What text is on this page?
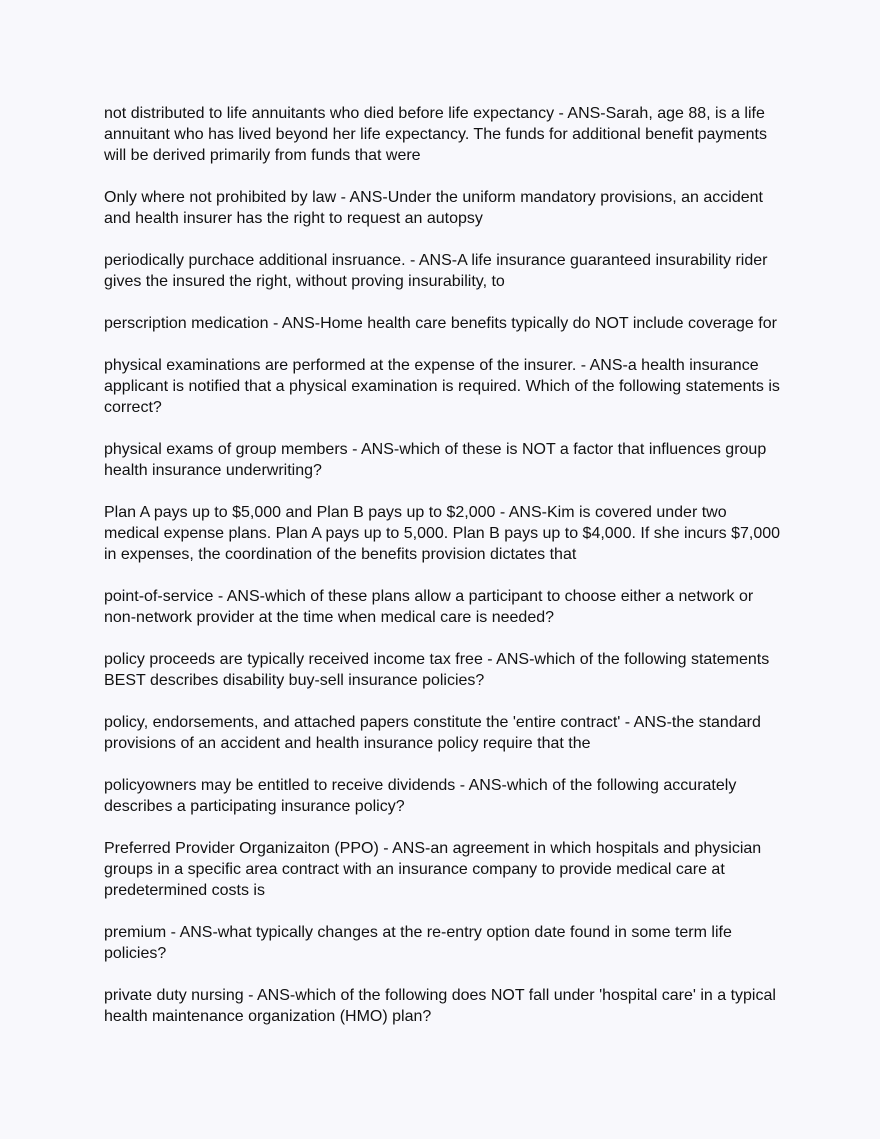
not distributed to life annuitants who died before life expectancy - ANS-Sarah, age 88, is a life annuitant who has lived beyond her life expectancy. The funds for additional benefit payments will be derived primarily from funds that were

Only where not prohibited by law - ANS-Under the uniform mandatory provisions, an accident and health insurer has the right to request an autopsy

periodically purchace additional insruance. - ANS-A life insurance guaranteed insurability rider gives the insured the right, without proving insurability, to

perscription medication - ANS-Home health care benefits typically do NOT include coverage for

physical examinations are performed at the expense of the insurer. - ANS-a health insurance applicant is notified that a physical examination is required. Which of the following statements is correct?

physical exams of group members - ANS-which of these is NOT a factor that influences group health insurance underwriting?

Plan A pays up to $5,000 and Plan B pays up to $2,000 - ANS-Kim is covered under two medical expense plans. Plan A pays up to 5,000. Plan B pays up to $4,000. If she incurs $7,000 in expenses, the coordination of the benefits provision dictates that

point-of-service - ANS-which of these plans allow a participant to choose either a network or non-network provider at the time when medical care is needed?

policy proceeds are typically received income tax free - ANS-which of the following statements BEST describes disability buy-sell insurance policies?

policy, endorsements, and attached papers constitute the 'entire contract' - ANS-the standard provisions of an accident and health insurance policy require that the

policyowners may be entitled to receive dividends - ANS-which of the following accurately describes a participating insurance policy?

Preferred Provider Organizaiton (PPO) - ANS-an agreement in which hospitals and physician groups in a specific area contract with an insurance company to provide medical care at predetermined costs is

premium - ANS-what typically changes at the re-entry option date found in some term life policies?

private duty nursing - ANS-which of the following does NOT fall under 'hospital care' in a typical health maintenance organization (HMO) plan?
